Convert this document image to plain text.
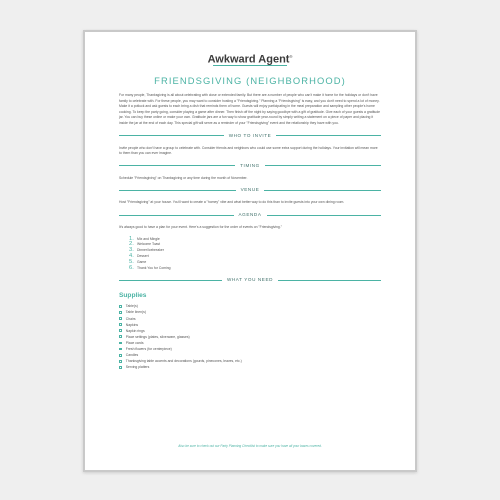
Awkward Agent®
FRIENDSGIVING (NEIGHBORHOOD)

For many people, Thanksgiving is all about celebrating with close or extended family. But there are a number of people who can't make it home for the holidays or don't have family to celebrate with. For these people, you may want to consider hosting a "Friendsgiving." Planning a "Friendsgiving" is easy, and you don't need to spend a lot of money. Make it a potluck and ask guests to each bring a dish that reminds them of home. Guests will enjoy participating in the meal preparation and sampling other people's home cooking. To keep the party going, consider playing a game after dinner. Then finish off the night by saying goodbye with a gift of gratitude. Give each of your guests a gratitude jar. You can buy these online or make your own. Gratitude jars are a fun way to show gratitude year-round by simply writing a statement on a piece of paper and placing it inside the jar at the end of each day. This special gift will serve as a reminder of your "Friendsgiving" event and the relationship they have with you.

WHO TO INVITE

Invite people who don't have a group to celebrate with. Consider friends and neighbors who could use some extra support during the holidays. Your invitation will mean more to them than you can ever imagine.

TIMING

Schedule "Friendsgiving" on Thanksgiving or any time during the month of November.

VENUE

Host "Friendsgiving" at your house. You'll want to create a "homey" vibe and what better way to do this than to invite guests into your own dining room.

AGENDA

It's always good to have a plan for your event. Here's a suggestion for the order of events on "Friendsgiving."

1. Mix and Mingle
2. Welcome Toast
3. Dinner/Icebreaker
4. Dessert
5. Game
6. Thank You for Coming
WHAT YOU NEED
Supplies
Table(s)
Table linen(s)
Chairs
Napkins
Napkin rings
Place settings (plates, silverware, glasses)
Place cards
Fresh flowers (for centerpiece)
Candles
Thanksgiving table accents and decorations (gourds, pinecones, leaves, etc.)
Serving platters
Also be sure to check out our Party Planning Checklist to make sure you have all your bases covered.
